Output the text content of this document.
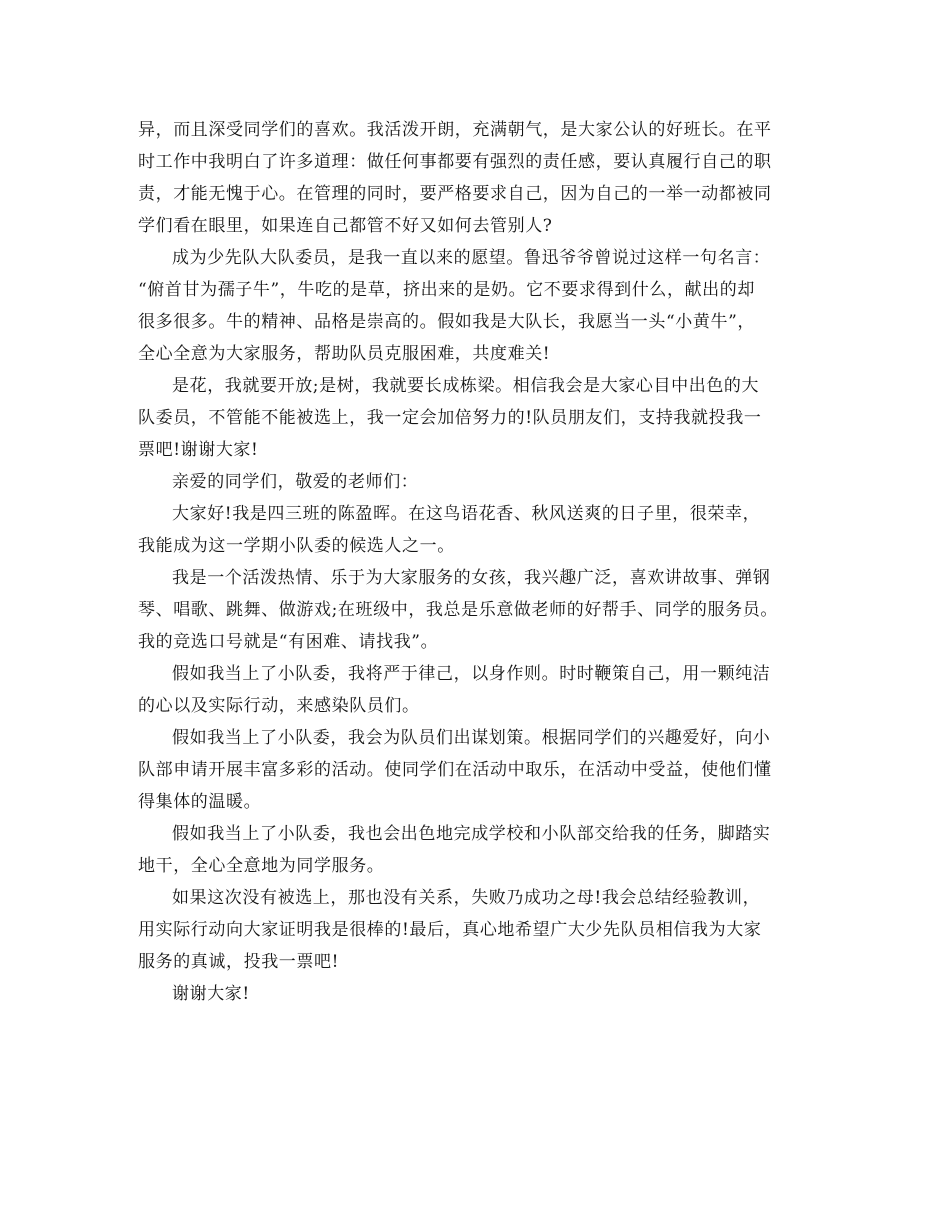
异，而且深受同学们的喜欢。我活泼开朗，充满朝气，是大家公认的好班长。在平
时工作中我明白了许多道理：做任何事都要有强烈的责任感，要认真履行自己的职
责，才能无愧于心。在管理的同时，要严格要求自己，因为自己的一举一动都被同
学们看在眼里，如果连自己都管不好又如何去管别人?
成为少先队大队委员，是我一直以来的愿望。鲁迅爷爷曾说过这样一句名言：
“俯首甘为孺子牛”，牛吃的是草，挤出来的是奶。它不要求得到什么，献出的却
很多很多。牛的精神、品格是崇高的。假如我是大队长，我愿当一头“小黄牛”，
全心全意为大家服务，帮助队员克服困难，共度难关!
是花，我就要开放;是树，我就要长成栋梁。相信我会是大家心目中出色的大
队委员，不管能不能被选上，我一定会加倍努力的!队员朋友们，支持我就投我一
票吧!谢谢大家!
亲爱的同学们，敬爱的老师们：
大家好!我是四三班的陈盈晖。在这鸟语花香、秋风送爽的日子里，很荣幸，
我能成为这一学期小队委的候选人之一。
我是一个活泼热情、乐于为大家服务的女孩，我兴趣广泛，喜欢讲故事、弹钢
琴、唱歌、跳舞、做游戏;在班级中，我总是乐意做老师的好帮手、同学的服务员。
我的竞选口号就是“有困难、请找我”。
假如我当上了小队委，我将严于律己，以身作则。时时鞭策自己，用一颗纯洁
的心以及实际行动，来感染队员们。
假如我当上了小队委，我会为队员们出谋划策。根据同学们的兴趣爱好，向小
队部申请开展丰富多彩的活动。使同学们在活动中取乐，在活动中受益，使他们懂
得集体的温暖。
假如我当上了小队委，我也会出色地完成学校和小队部交给我的任务，脚踏实
地干，全心全意地为同学服务。
如果这次没有被选上，那也没有关系，失败乃成功之母!我会总结经验教训，
用实际行动向大家证明我是很棒的!最后，真心地希望广大少先队员相信我为大家
服务的真诚，投我一票吧!
谢谢大家!
